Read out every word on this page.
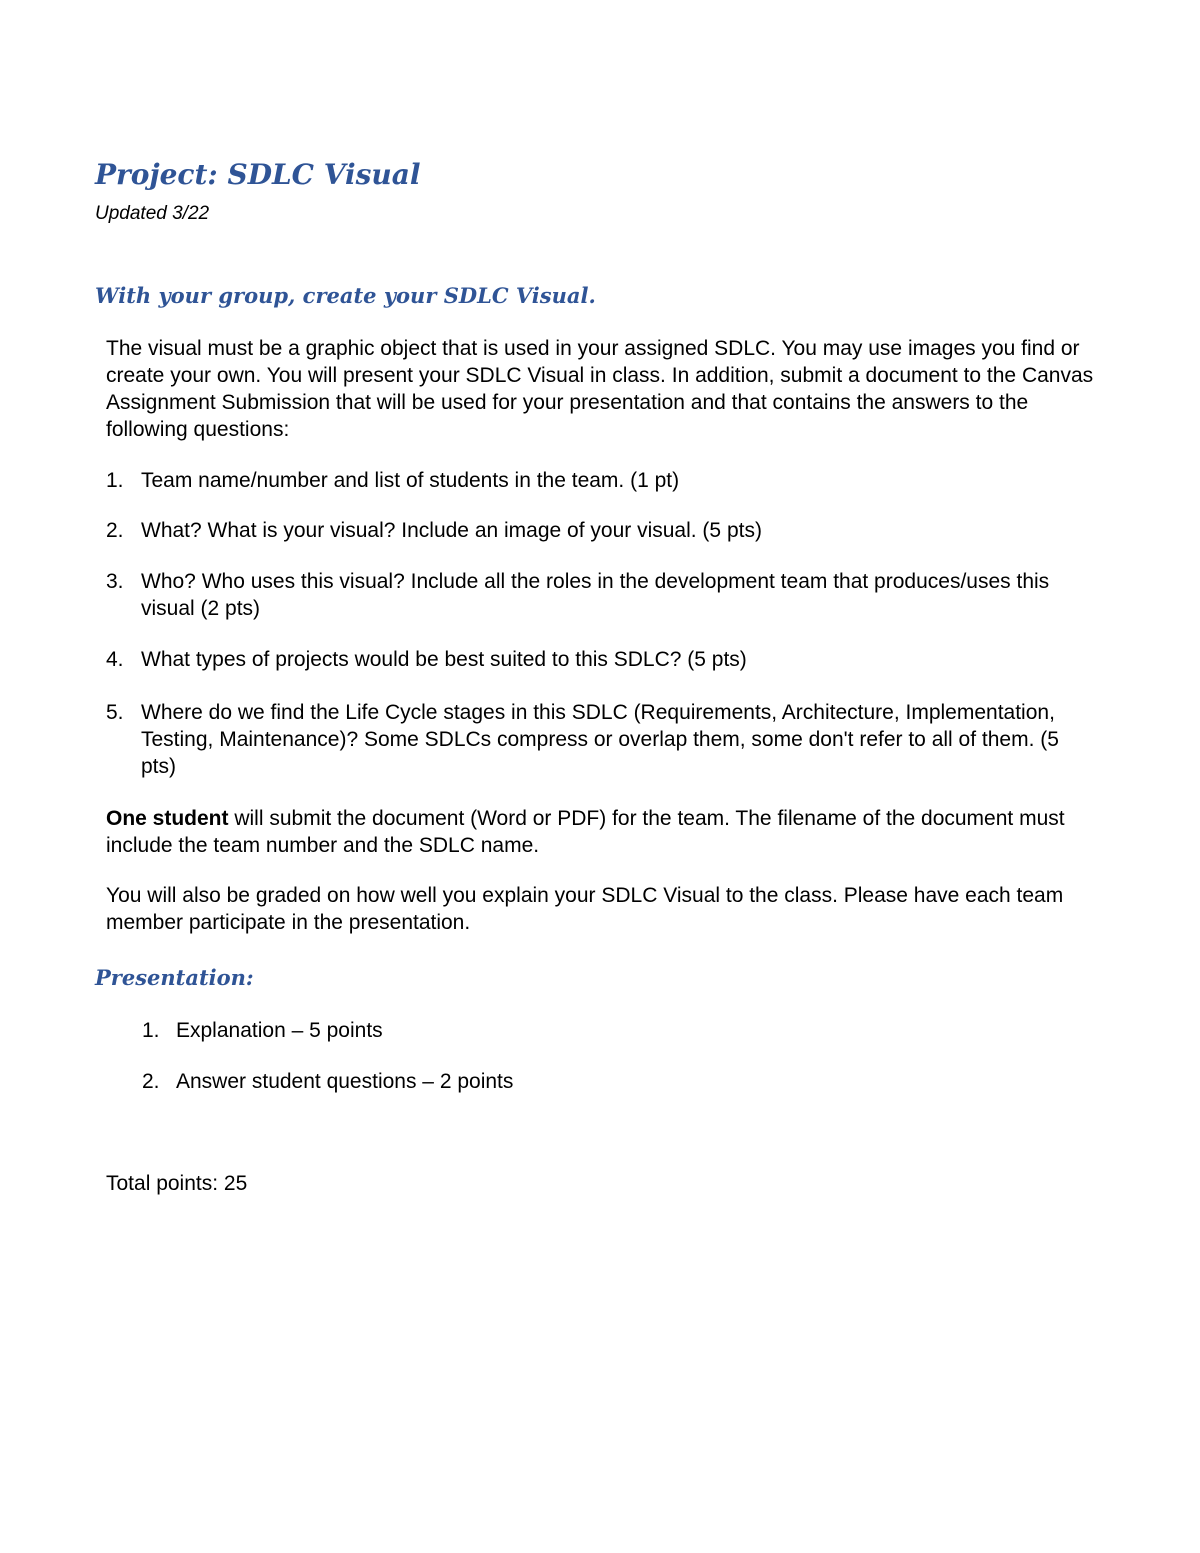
Project: SDLC Visual
Updated 3/22
With your group, create your SDLC Visual.

The visual must be a graphic object that is used in your assigned SDLC. You may use images you find or create your own. You will present your SDLC Visual in class. In addition, submit a document to the Canvas Assignment Submission that will be used for your presentation and that contains the answers to the following questions:

1. Team name/number and list of students in the team. (1 pt)
2. What? What is your visual? Include an image of your visual. (5 pts)
3. Who? Who uses this visual? Include all the roles in the development team that produces/uses this visual (2 pts)
4. What types of projects would be best suited to this SDLC? (5 pts)
5. Where do we find the Life Cycle stages in this SDLC (Requirements, Architecture, Implementation, Testing, Maintenance)? Some SDLCs compress or overlap them, some don't refer to all of them. (5 pts)

One student will submit the document (Word or PDF) for the team. The filename of the document must include the team number and the SDLC name.

You will also be graded on how well you explain your SDLC Visual to the class. Please have each team member participate in the presentation.

Presentation:
1. Explanation – 5 points
2. Answer student questions – 2 points

Total points: 25
